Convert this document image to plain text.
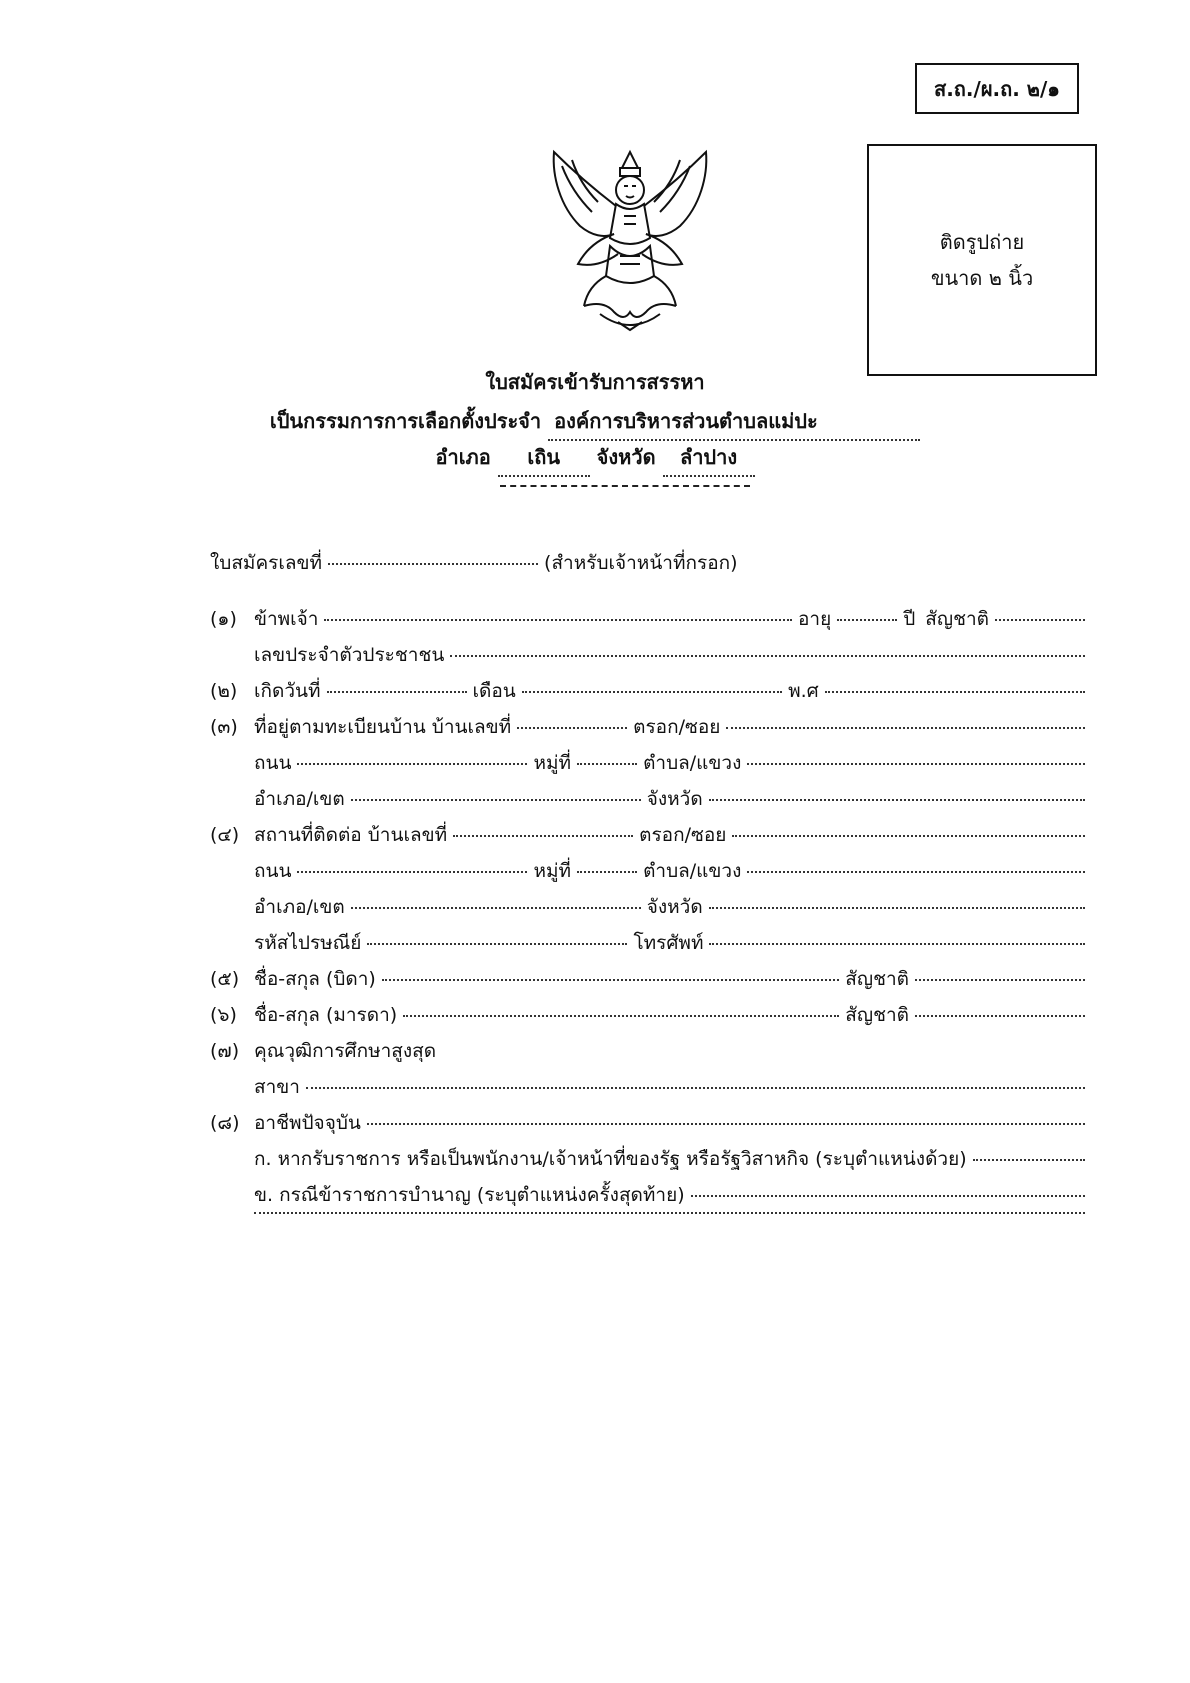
ส.ถ./ผ.ถ. ๒/๑
ติดรูปถ่าย
ขนาด ๒ นิ้ว
ใบสมัครเข้ารับการสรรหา
เป็นกรรมการการเลือกตั้งประจำ องค์การบริหารส่วนตำบลแม่ปะ
อำเภอ เถิน จังหวัด ลำปาง
ใบสมัครเลขที่	(สำหรับเจ้าหน้าที่กรอก)
(๑) ข้าพเจ้า	อายุ	ปี สัญชาติ
เลขประจำตัวประชาชน
(๒) เกิดวันที่	เดือน	พ.ศ
(๓) ที่อยู่ตามทะเบียนบ้าน บ้านเลขที่	ตรอก/ซอย
ถนน	หมู่ที่	ตำบล/แขวง
อำเภอ/เขต	จังหวัด
(๔) สถานที่ติดต่อ บ้านเลขที่	ตรอก/ซอย
ถนน	หมู่ที่	ตำบล/แขวง
อำเภอ/เขต	จังหวัด
รหัสไปรษณีย์	โทรศัพท์
(๕) ชื่อ-สกุล (บิดา)	สัญชาติ
(๖) ชื่อ-สกุล (มารดา)	สัญชาติ
(๗) คุณวุฒิการศึกษาสูงสุด
สาขา
(๘) อาชีพปัจจุบัน
ก. หากรับราชการ หรือเป็นพนักงาน/เจ้าหน้าที่ของรัฐ หรือรัฐวิสาหกิจ (ระบุตำแหน่งด้วย)
ข. กรณีข้าราชการบำนาญ (ระบุตำแหน่งครั้งสุดท้าย)
